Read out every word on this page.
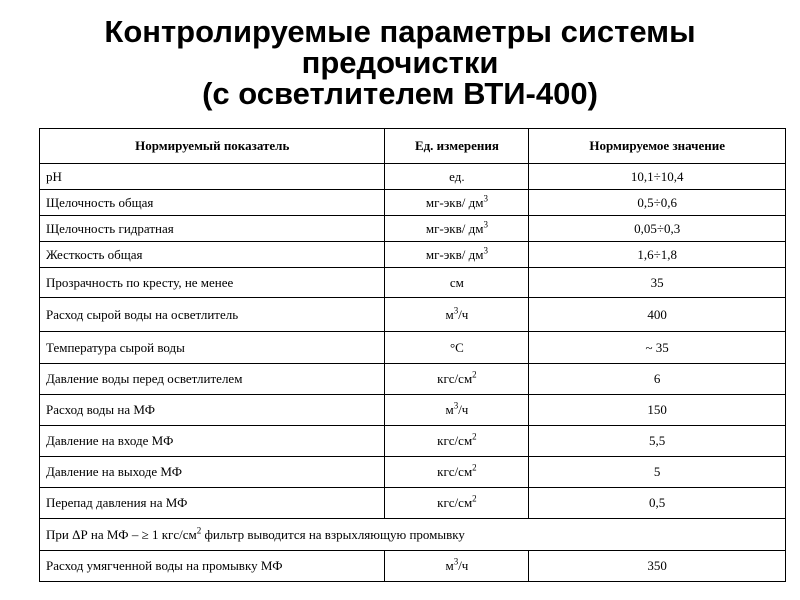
Контролируемые параметры системы
предочистки
(с осветлителем ВТИ-400)
Нормируемый показатель	Ед. измерения	Нормируемое значение
pH	ед.	10,1÷10,4
Щелочность общая	мг-экв/ $дм^3$	0,5÷0,6
Щелочность гидратная	мг-экв/ $дм^3$	0,05÷0,3
Жесткость общая	мг-экв/ $дм^3$	1,6÷1,8
Прозрачность по кресту, не менее	см	35
Расход сырой воды на осветлитель	$м^3/ч$	400
Температура сырой воды	°С	~ 35
Давление воды перед осветлителем	кгс/$см^2$	6
Расход воды на МФ	$м^3/ч$	150
Давление на входе МФ	кгс/$см^2$	5,5
Давление на выходе МФ	кгс/$см^2$	5
Перепад давления на МФ	кгс/$см^2$	0,5
При ΔР на МФ – ≥ 1 кгс/$см^2$ фильтр выводится на взрыхляющую промывку		
Расход умягченной воды на промывку МФ	$м^3/ч$	350
